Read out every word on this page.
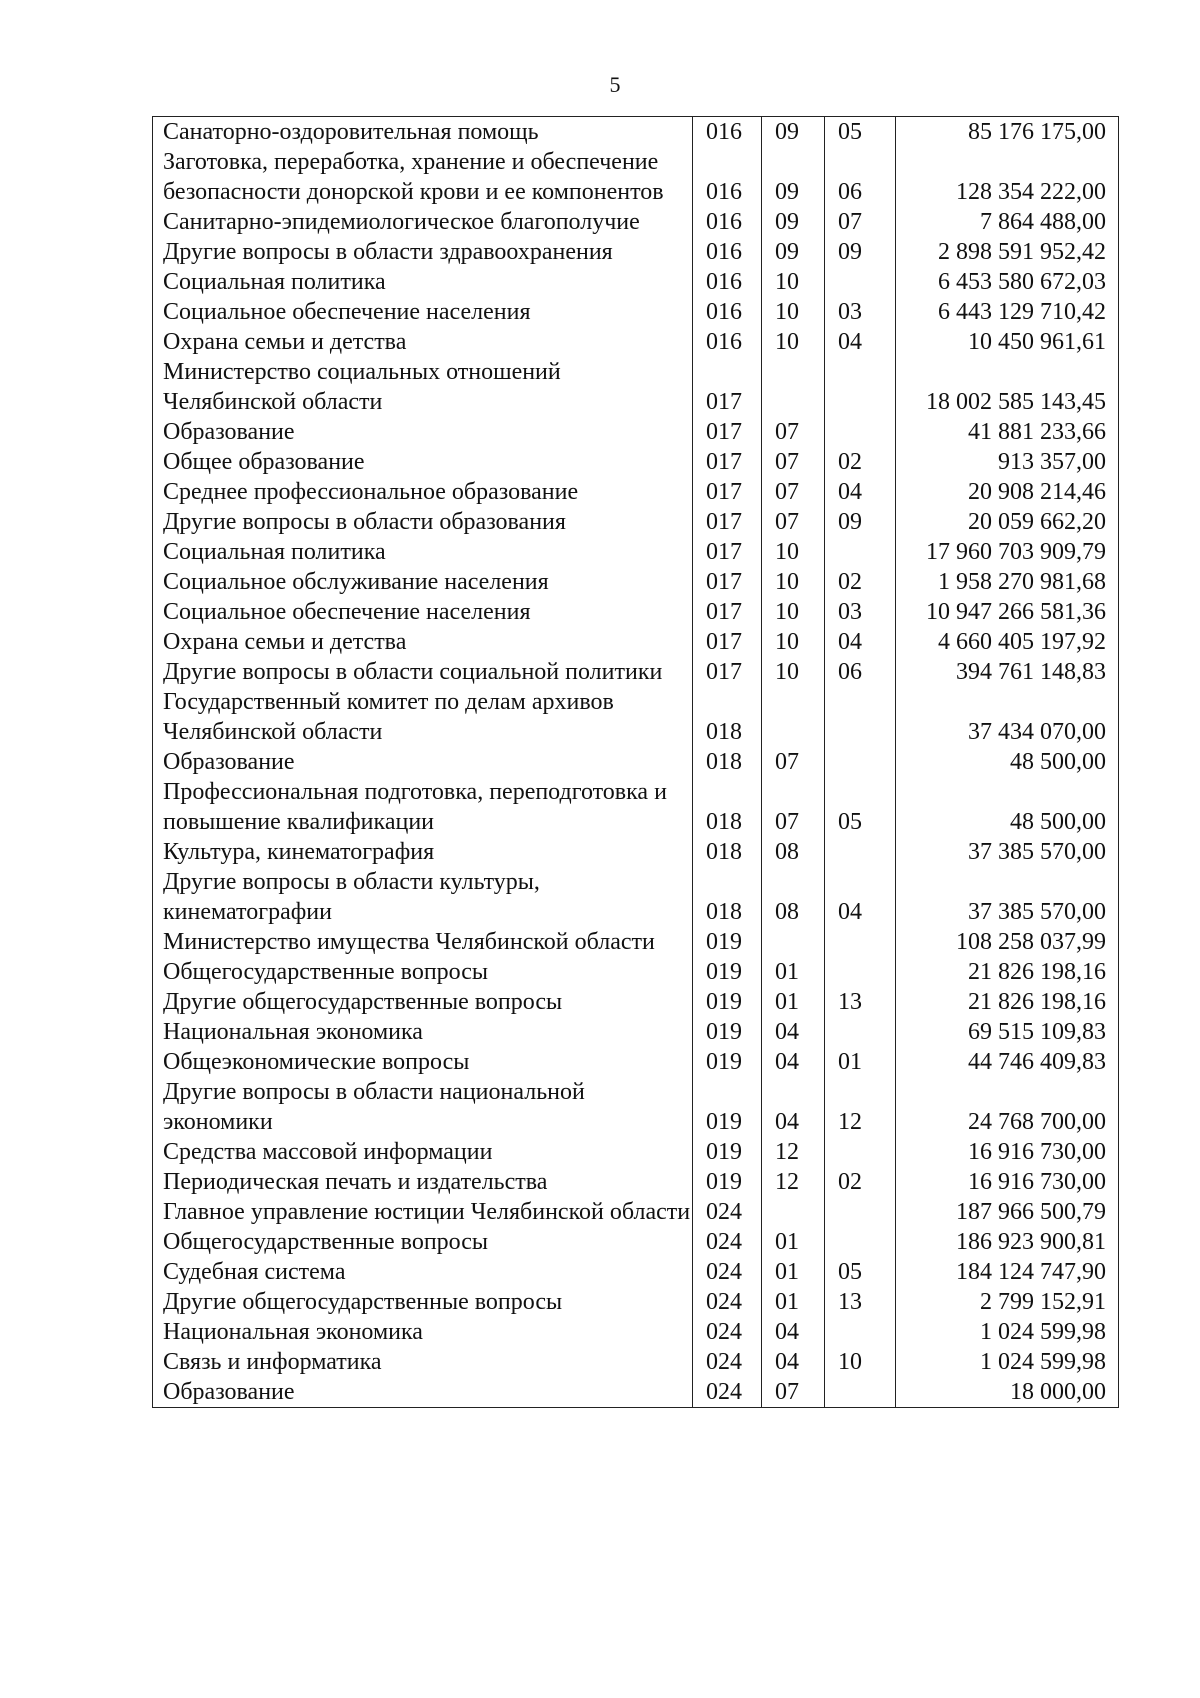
5
Санаторно-оздоровительная помощь	016	09	05	85 176 175,00
Заготовка, переработка, хранение и обеспечение безопасности донорской крови и ее компонентов	016	09	06	128 354 222,00
Санитарно-эпидемиологическое благополучие	016	09	07	7 864 488,00
Другие вопросы в области здравоохранения	016	09	09	2 898 591 952,42
Социальная политика	016	10		6 453 580 672,03
Социальное обеспечение населения	016	10	03	6 443 129 710,42
Охрана семьи и детства	016	10	04	10 450 961,61
Министерство социальных отношений Челябинской области	017			18 002 585 143,45
Образование	017	07		41 881 233,66
Общее образование	017	07	02	913 357,00
Среднее профессиональное образование	017	07	04	20 908 214,46
Другие вопросы в области образования	017	07	09	20 059 662,20
Социальная политика	017	10		17 960 703 909,79
Социальное обслуживание населения	017	10	02	1 958 270 981,68
Социальное обеспечение населения	017	10	03	10 947 266 581,36
Охрана семьи и детства	017	10	04	4 660 405 197,92
Другие вопросы в области социальной политики	017	10	06	394 761 148,83
Государственный комитет по делам архивов Челябинской области	018			37 434 070,00
Образование	018	07		48 500,00
Профессиональная подготовка, переподготовка и повышение квалификации	018	07	05	48 500,00
Культура, кинематография	018	08		37 385 570,00
Другие вопросы в области культуры, кинематографии	018	08	04	37 385 570,00
Министерство имущества Челябинской области	019			108 258 037,99
Общегосударственные вопросы	019	01		21 826 198,16
Другие общегосударственные вопросы	019	01	13	21 826 198,16
Национальная экономика	019	04		69 515 109,83
Общеэкономические вопросы	019	04	01	44 746 409,83
Другие вопросы в области национальной экономики	019	04	12	24 768 700,00
Средства массовой информации	019	12		16 916 730,00
Периодическая печать и издательства	019	12	02	16 916 730,00
Главное управление юстиции Челябинской области	024			187 966 500,79
Общегосударственные вопросы	024	01		186 923 900,81
Судебная система	024	01	05	184 124 747,90
Другие общегосударственные вопросы	024	01	13	2 799 152,91
Национальная экономика	024	04		1 024 599,98
Связь и информатика	024	04	10	1 024 599,98
Образование	024	07		18 000,00
